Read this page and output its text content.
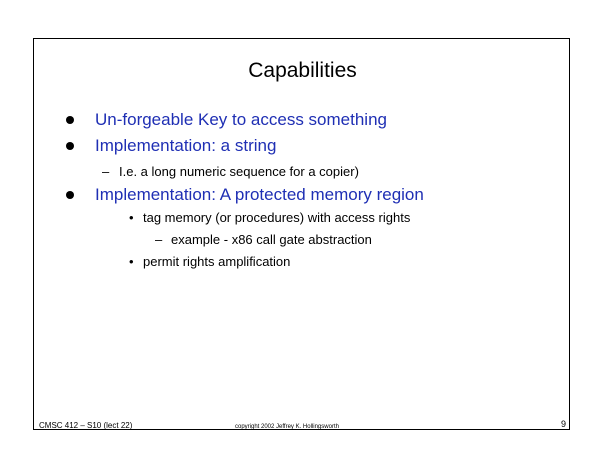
Capabilities
Un-forgeable Key to access something
Implementation: a string
– I.e. a long numeric sequence for a copier)
Implementation: A protected memory region
• tag memory (or procedures) with access rights
– example - x86 call gate abstraction
• permit rights amplification
CMSC 412 – S10 (lect 22)	copyright 2002 Jeffrey K. Hollingsworth	9
